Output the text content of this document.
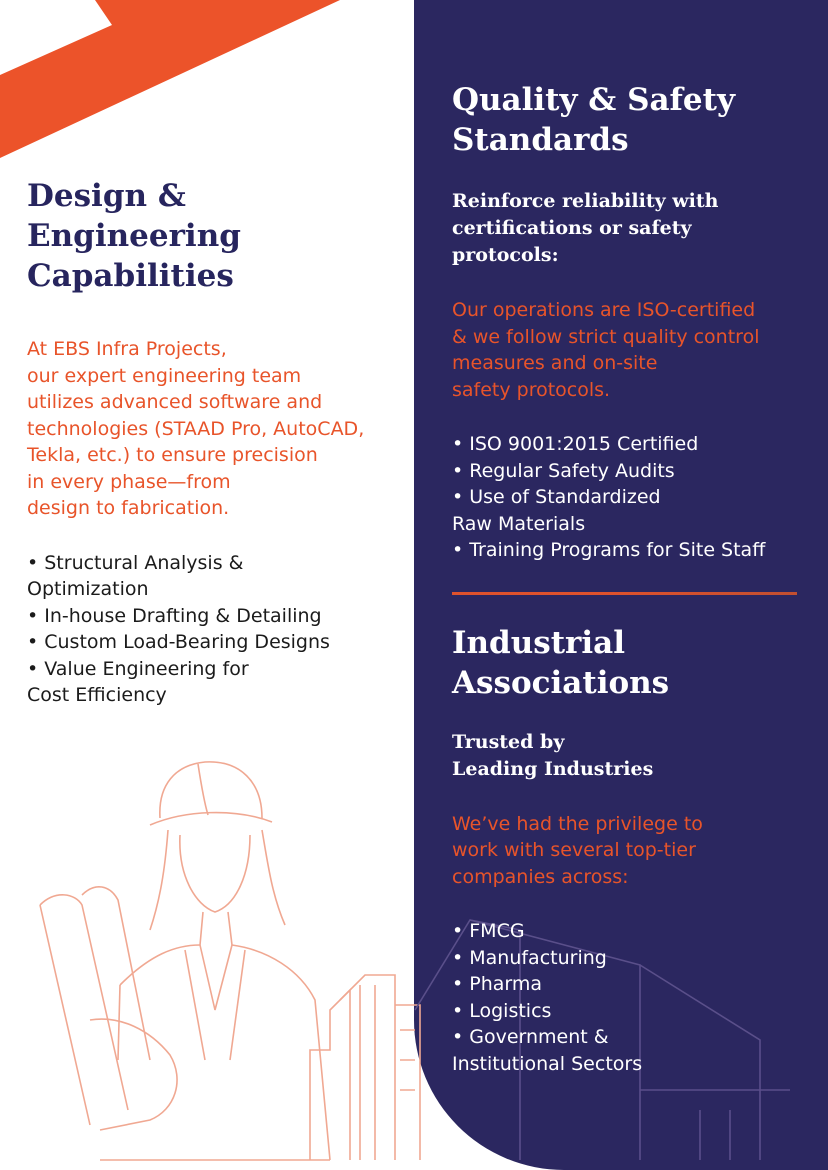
Design &
Engineering
Capabilities

At EBS Infra Projects,
our expert engineering team
utilizes advanced software and
technologies (STAAD Pro, AutoCAD,
Tekla, etc.) to ensure precision
in every phase—from
design to fabrication.

• Structural Analysis &
Optimization
• In-house Drafting & Detailing
• Custom Load-Bearing Designs
• Value Engineering for
Cost Efficiency
Quality & Safety
Standards

Reinforce reliability with
certifications or safety
protocols:

Our operations are ISO-certified
& we follow strict quality control
measures and on-site
safety protocols.

• ISO 9001:2015 Certified
• Regular Safety Audits
• Use of Standardized
Raw Materials
• Training Programs for Site Staff
Industrial
Associations

Trusted by
Leading Industries

We’ve had the privilege to
work with several top-tier
companies across:

• FMCG
• Manufacturing
• Pharma
• Logistics
• Government &
Institutional Sectors
